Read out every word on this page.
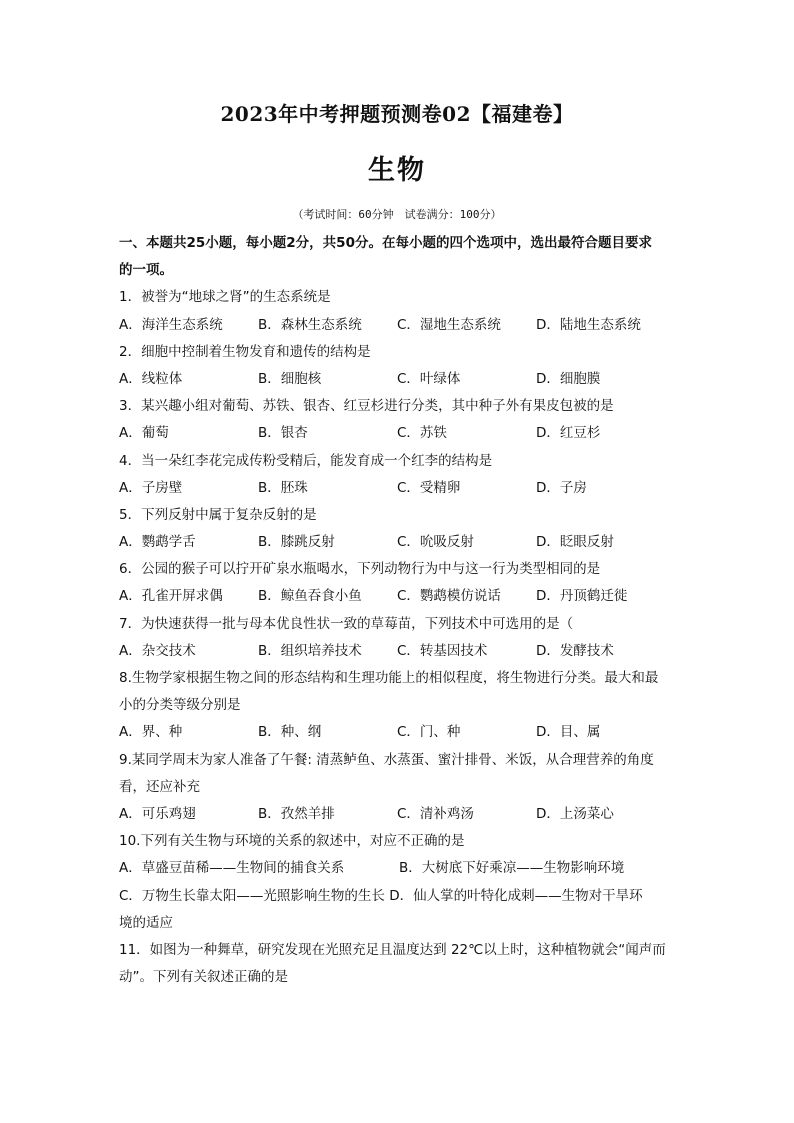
2023年中考押题预测卷02【福建卷】
生物
（考试时间：60分钟　试卷满分：100分）
一、本题共25小题，每小题2分，共50分。在每小题的四个选项中，选出最符合题目要求
的一项。
1．被誉为“地球之肾”的生态系统是
A．海洋生态系统	B．森林生态系统	C．湿地生态系统	D．陆地生态系统
2．细胞中控制着生物发育和遗传的结构是
A．线粒体	B．细胞核	C．叶绿体	D．细胞膜
3．某兴趣小组对葡萄、苏铁、银杏、红豆杉进行分类，其中种子外有果皮包被的是
A．葡萄	B．银杏	C．苏铁	D．红豆杉
4．当一朵红李花完成传粉受精后，能发育成一个红李的结构是
A．子房壁	B．胚珠	C．受精卵	D．子房
5．下列反射中属于复杂反射的是
A．鹦鹉学舌	B．膝跳反射	C．吮吸反射	D．眨眼反射
6．公园的猴子可以拧开矿泉水瓶喝水，下列动物行为中与这一行为类型相同的是
A．孔雀开屏求偶	B．鲸鱼吞食小鱼	C．鹦鹉模仿说话	D．丹顶鹤迁徙
7．为快速获得一批与母本优良性状一致的草莓苗，下列技术中可选用的是（
A．杂交技术	B．组织培养技术	C．转基因技术	D．发酵技术
8.生物学家根据生物之间的形态结构和生理功能上的相似程度，将生物进行分类。最大和最
小的分类等级分别是
A．界、种	B．种、纲	C．门、种	D．目、属
9.某同学周末为家人准备了午餐: 清蒸鲈鱼、水蒸蛋、蜜汁排骨、米饭，从合理营养的角度
看，还应补充
A．可乐鸡翅	B．孜然羊排	C．清补鸡汤	D．上汤菜心
10.下列有关生物与环境的关系的叙述中，对应不正确的是
A．草盛豆苗稀——生物间的捕食关系	B．大树底下好乘凉——生物影响环境
C．万物生长靠太阳——光照影响生物的生长 D．仙人掌的叶特化成刺——生物对干旱环
境的适应
11．如图为一种舞草，研究发现在光照充足且温度达到 22℃以上时，这种植物就会“闻声而
动”。下列有关叙述正确的是
